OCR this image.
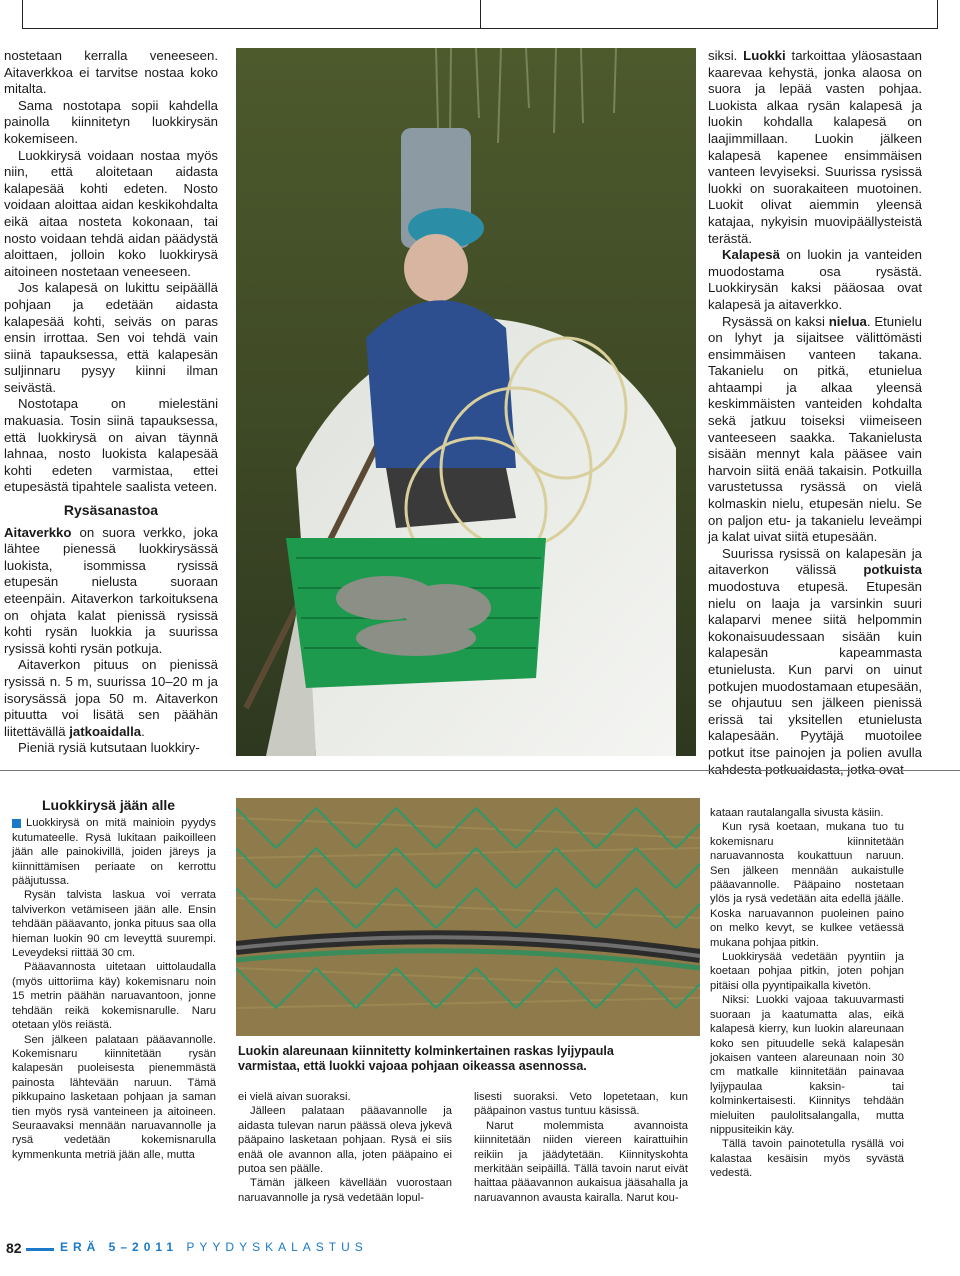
nostetaan kerralla veneeseen. Aitaverkkoa ei tarvitse nostaa koko mitalta.

Sama nostotapa sopii kahdella painolla kiinnitetyn luokkirysän kokemiseen.

Luokkirysä voidaan nostaa myös niin, että aloitetaan aidasta kalapesää kohti edeten. Nosto voidaan aloittaa aidan keskikohdalta eikä aitaa nosteta kokonaan, tai nosto voidaan tehdä aidan päädystä aloittaen, jolloin koko luokkirysä aitoineen nostetaan veneeseen.

Jos kalapesä on lukittu seipäällä pohjaan ja edetään aidasta kalapesää kohti, seiväs on paras ensin irrottaa. Sen voi tehdä vain siinä tapauksessa, että kalapesän suljinnaru pysyy kiinni ilman seivästä.

Nostotapa on mielestäni makuasia. Tosin siinä tapauksessa, että luokkirysä on aivan täynnä lahnaa, nosto luokista kalapesää kohti edeten varmistaa, ettei etupesästä tipahtele saalista veteen.

Rysäsanastoa

Aitaverkko on suora verkko, joka lähtee pienessä luokkirysässä luokista, isommissa rysissä etupesän nielusta suoraan eteenpäin. Aitaverkon tarkoituksena on ohjata kalat pienissä rysissä kohti rysän luokkia ja suurissa rysissä kohti rysän potkuja.

Aitaverkon pituus on pienissä rysissä n. 5 m, suurissa 10–20 m ja isorysässä jopa 50 m. Aitaverkon pituutta voi lisätä sen päähän liitettävällä jatkoaidalla.

Pieniä rysiä kutsutaan luokkiry-

siksi. Luokki tarkoittaa yläosastaan kaarevaa kehystä, jonka alaosa on suora ja lepää vasten pohjaa. Luokista alkaa rysän kalapesä ja luokin kohdalla kalapesä on laajimmillaan. Luokin jälkeen kalapesä kapenee ensimmäisen vanteen levyiseksi. Suurissa rysissä luokki on suorakaiteen muotoinen. Luokit olivat aiemmin yleensä katajaa, nykyisin muovipäällysteistä terästä.

Kalapesä on luokin ja vanteiden muodostama osa rysästä. Luokkirysän kaksi pääosaa ovat kalapesä ja aitaverkko.

Rysässä on kaksi nielua. Etunielu on lyhyt ja sijaitsee välittömästi ensimmäisen vanteen takana. Takanielu on pitkä, etunielua ahtaampi ja alkaa yleensä keskimmäisten vanteiden kohdalta sekä jatkuu toiseksi viimeiseen vanteeseen saakka. Takanielusta sisään mennyt kala pääsee vain harvoin siitä enää takaisin. Potkuilla varustetussa rysässä on vielä kolmaskin nielu, etupesän nielu. Se on paljon etu- ja takanielu leveämpi ja kalat uivat siitä etupesään.

Suurissa rysissä on kalapesän ja aitaverkon välissä potkuista muodostuva etupesä. Etupesän nielu on laaja ja varsinkin suuri kalaparvi menee siitä helpommin kokonaisuudessaan sisään kuin kalapesän kapeammasta etunielusta. Kun parvi on uinut potkujen muodostamaan etupesään, se ohjautuu sen jälkeen pienissä erissä tai yksitellen etunielusta kalapesään. Pyytäjä muotoilee potkut itse painojen ja polien avulla

Luokkirysä jään alle

Luokkirysä on mitä mainioin pyydys kutumateelle. Rysä lukitaan paikoilleen jään alle painokivillä, joiden järeys ja kiinnittämisen periaate on kerrottu pääjutussa.

Rysän talvista laskua voi verrata talviverkon vetämiseen jään alle. Ensin tehdään pääavanto, jonka pituus saa olla hieman luokin 90 cm leveyttä suurempi. Leveydeksi riittää 30 cm.

Pääavannosta uitetaan uittolaudalla (myös uittoriima käy) kokemisnaru noin 15 metrin päähän naruavantoon, jonne tehdään reikä kokemisnarulle. Naru otetaan ylös reiästä.

Sen jälkeen palataan pääavannolle. Kokemisnaru kiinnitetään rysän kalapesän puoleisesta pienemmästä painosta lähtevään naruun. Tämä pikkupaino lasketaan pohjaan ja saman tien myös rysä vanteineen ja aitoineen. Seuraavaksi mennään naruavannolle ja rysä vedetään kokemisnarulla kymmenkunta metriä jään alle, mutta

Luokin alareunaan kiinnitetty kolminkertainen raskas lyijypaula varmistaa, että luokki vajoaa pohjaan oikeassa asennossa.

ei vielä aivan suoraksi.

Jälleen palataan pääavannolle ja aidasta tulevan narun päässä oleva jykevä pääpaino lasketaan pohjaan. Rysä ei siis enää ole avannon alla, joten pääpaino ei putoa sen päälle.

Tämän jälkeen kävellään vuorostaan naruavannolle ja rysä vedetään lopul-

lisesti suoraksi. Veto lopetetaan, kun pääpainon vastus tuntuu käsissä.

Narut molemmista avannoista kiinnitetään niiden viereen kairattuihin reikiin ja jäädytetään. Kiinnityskohta merkitään seipäillä. Tällä tavoin narut eivät haittaa pääavannon aukaisua jääsahalla ja naruavannon avausta kairalla. Narut kou-

kataan rautalangalla sivusta käsiin.

Kun rysä koetaan, mukana tuo tu kokemisnaru kiinnitetään naruavannosta koukattuun naruun. Sen jälkeen mennään aukaistulle pääavannolle. Pääpaino nostetaan ylös ja rysä vedetään aita edellä jäälle. Koska naruavannon puoleinen paino on melko kevyt, se kulkee vetäessä mukana pohjaa pitkin.

Luokkirysää vedetään pyyntiin ja koetaan pohjaa pitkin, joten pohjan pitäisi olla pyyntipaikalla kivetön.

Niksi: Luokki vajoaa takuuvarmasti suoraan ja kaatumatta alas, eikä kalapesä kierry, kun luokin alareunaan koko sen pituudelle sekä kalapesän jokaisen vanteen alareunaan noin 30 cm matkalle kiinnitetään painavaa lyijypaulaa kaksin- tai kolminkertaisesti. Kiinnitys tehdään mieluiten paulolitsalangalla, mutta nippusiteikin käy.

Tällä tavoin painotetulla rysällä voi kalastaa kesäisin myös syvästä vedestä.

82	ERÄ 5–2011 PYYDYSKALASTUS
